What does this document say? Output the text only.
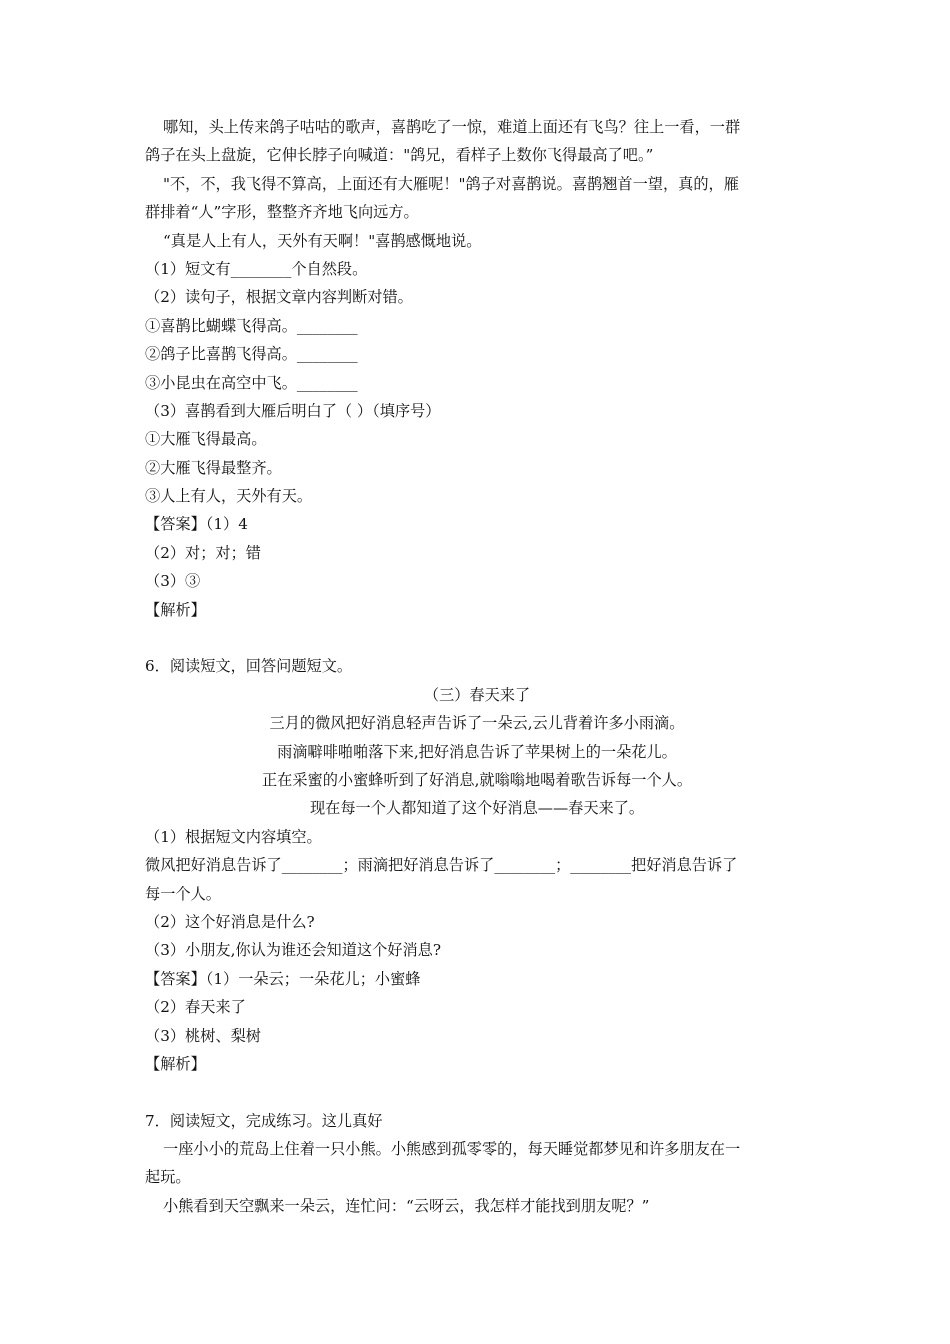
哪知，头上传来鸽子咕咕的歌声，喜鹊吃了一惊，难道上面还有飞鸟？往上一看，一群
鸽子在头上盘旋，它伸长脖子向喊道："鸽兄，看样子上数你飞得最高了吧。”
"不，不，我飞得不算高，上面还有大雁呢！"鸽子对喜鹊说。喜鹊翘首一望，真的，雁
群排着“人”字形，整整齐齐地飞向远方。
“真是人上有人，天外有天啊！"喜鹊感慨地说。
（1）短文有________个自然段。
（2）读句子，根据文章内容判断对错。
①喜鹊比蝴蝶飞得高。________
②鸽子比喜鹊飞得高。________
③小昆虫在高空中飞。________
（3）喜鹊看到大雁后明白了（ ）（填序号）
①大雁飞得最高。
②大雁飞得最整齐。
③人上有人，天外有天。
【答案】（1）4
（2）对；对；错
（3）③
【解析】
6．阅读短文，回答问题短文。
（三）春天来了
三月的微风把好消息轻声告诉了一朵云,云儿背着许多小雨滴。
雨滴噼啡啪啪落下来,把好消息告诉了苹果树上的一朵花儿。
正在采蜜的小蜜蜂听到了好消息,就嗡嗡地喝着歌告诉每一个人。
现在每一个人都知道了这个好消息——春天来了。
（1）根据短文内容填空。
微风把好消息告诉了________；雨滴把好消息告诉了________；________把好消息告诉了
每一个人。
（2）这个好消息是什么?
（3）小朋友,你认为谁还会知道这个好消息?
【答案】（1）一朵云；一朵花儿；小蜜蜂
（2）春天来了
（3）桃树、梨树
【解析】
7．阅读短文，完成练习。这儿真好
一座小小的荒岛上住着一只小熊。小熊感到孤零零的，每天睡觉都梦见和许多朋友在一
起玩。
小熊看到天空飘来一朵云，连忙问：“云呀云，我怎样才能找到朋友呢？”
